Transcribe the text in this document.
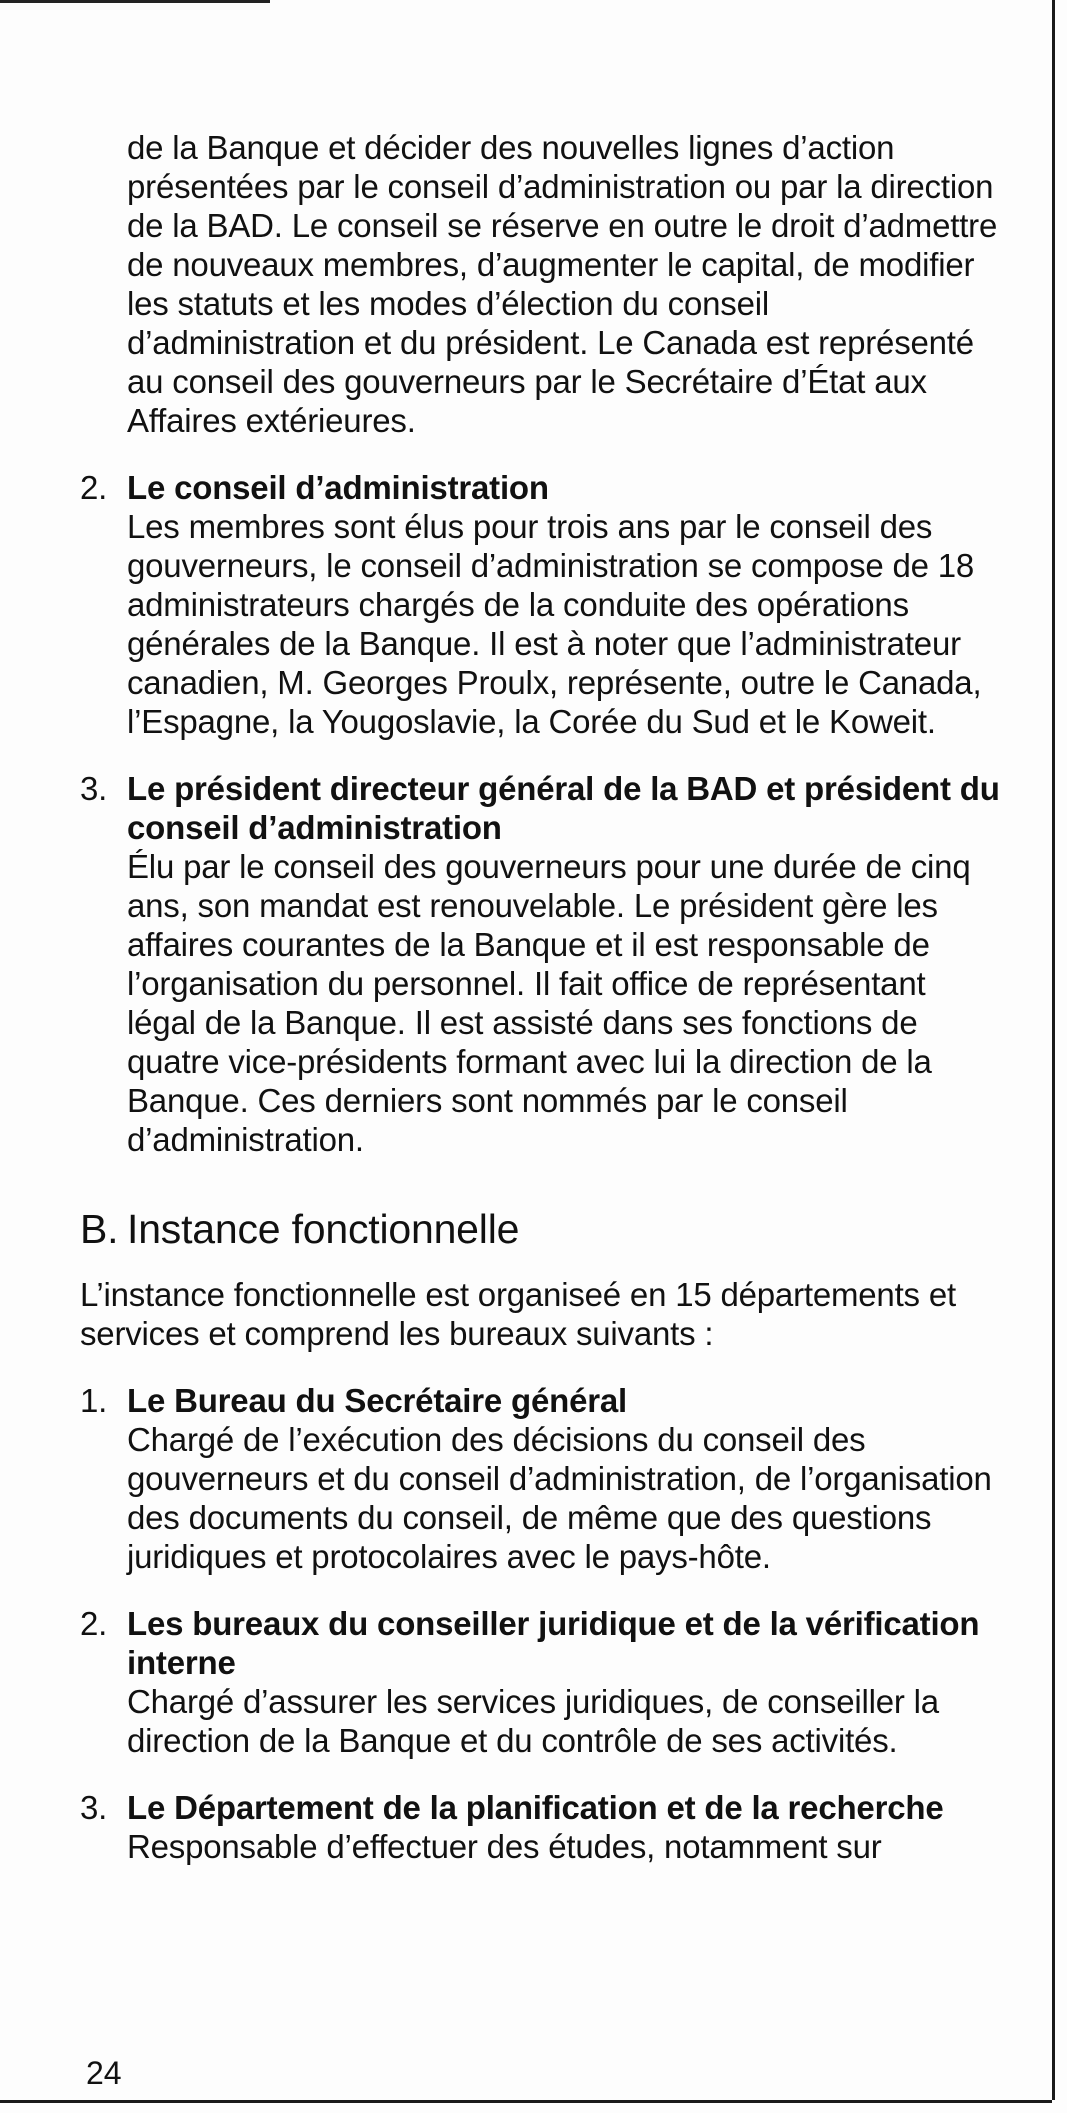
de la Banque et décider des nouvelles lignes d’action présentées par le conseil d’administration ou par la direction de la BAD. Le conseil se réserve en outre le droit d’admettre de nouveaux membres, d’augmenter le capital, de modifier les statuts et les modes d’élection du conseil d’administration et du président. Le Canada est représenté au conseil des gouverneurs par le Secrétaire d’État aux Affaires extérieures.

2. Le conseil d’administration
Les membres sont élus pour trois ans par le conseil des gouverneurs, le conseil d’administration se compose de 18 administrateurs chargés de la conduite des opérations générales de la Banque. Il est à noter que l’administrateur canadien, M. Georges Proulx, représente, outre le Canada, l’Espagne, la Yougoslavie, la Corée du Sud et le Koweit.
3. Le président directeur général de la BAD et président du conseil d’administration
Élu par le conseil des gouverneurs pour une durée de cinq ans, son mandat est renouvelable. Le président gère les affaires courantes de la Banque et il est responsable de l’organisation du personnel. Il fait office de représentant légal de la Banque. Il est assisté dans ses fonctions de quatre vice-présidents formant avec lui la direction de la Banque. Ces derniers sont nommés par le conseil d’administration.
B. Instance fonctionnelle

L’instance fonctionnelle est organiseé en 15 départements et services et comprend les bureaux suivants :

1. Le Bureau du Secrétaire général
Chargé de l’exécution des décisions du conseil des gouverneurs et du conseil d’administration, de l’organisation des documents du conseil, de même que des questions juridiques et protocolaires avec le pays-hôte.
2. Les bureaux du conseiller juridique et de la vérification interne
Chargé d’assurer les services juridiques, de conseiller la direction de la Banque et du contrôle de ses activités.
3. Le Département de la planification et de la recherche
Responsable d’effectuer des études, notamment sur
24
